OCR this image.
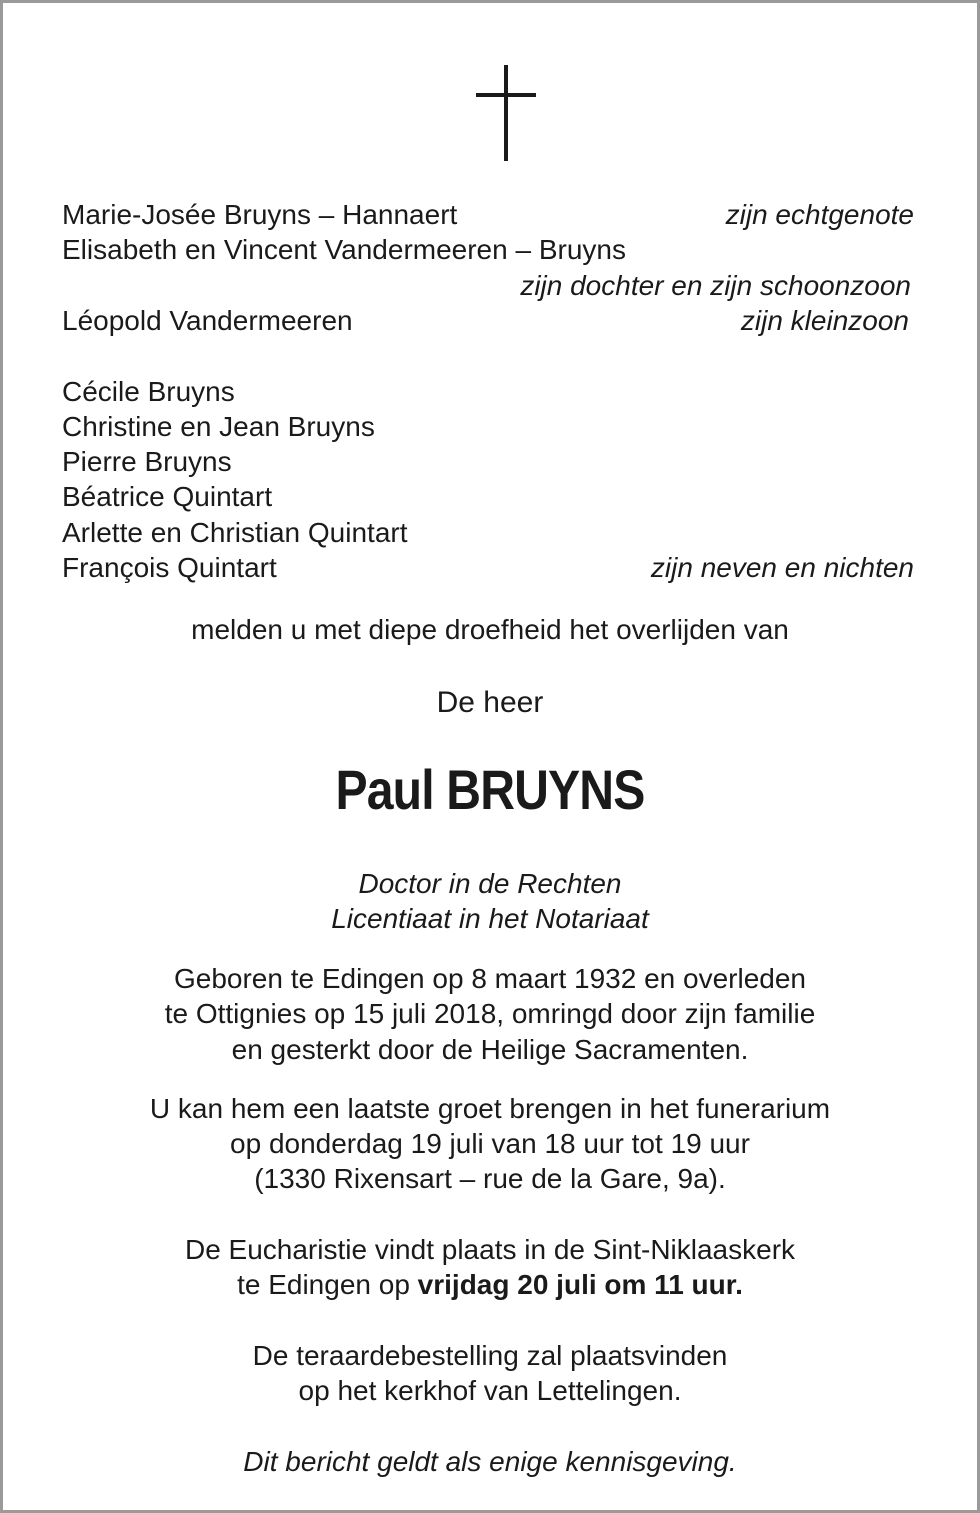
Marie-Josée Bruyns – Hannaert	zijn echtgenote
Elisabeth en Vincent Vandermeeren – Bruyns
zijn dochter en zijn schoonzoon
Léopold Vandermeeren	zijn kleinzoon
Cécile Bruyns
Christine en Jean Bruyns
Pierre Bruyns
Béatrice Quintart
Arlette en Christian Quintart
François Quintart	zijn neven en nichten
melden u met diepe droefheid het overlijden van
De heer
Paul BRUYNS
Doctor in de Rechten
Licentiaat in het Notariaat
Geboren te Edingen op 8 maart 1932 en overleden
te Ottignies op 15 juli 2018, omringd door zijn familie
en gesterkt door de Heilige Sacramenten.
U kan hem een laatste groet brengen in het funerarium
op donderdag 19 juli van 18 uur tot 19 uur
(1330 Rixensart – rue de la Gare, 9a).
De Eucharistie vindt plaats in de Sint-Niklaaskerk
te Edingen op vrijdag 20 juli om 11 uur.
De teraardebestelling zal plaatsvinden
op het kerkhof van Lettelingen.
Dit bericht geldt als enige kennisgeving.
